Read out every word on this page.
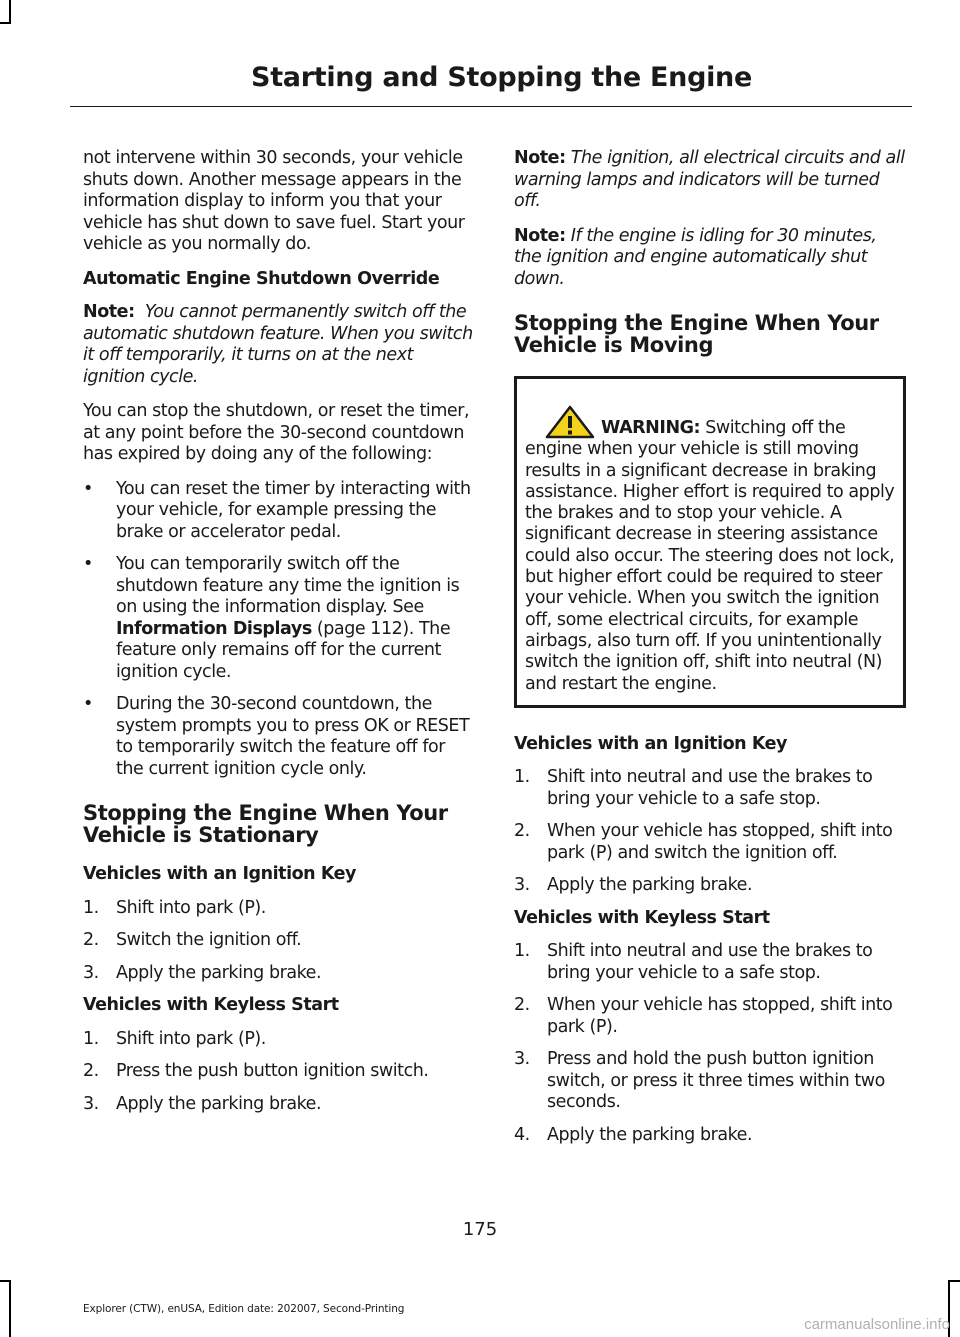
Starting and Stopping the Engine

not intervene within 30 seconds, your vehicle shuts down. Another message appears in the information display to inform you that your vehicle has shut down to save fuel. Start your vehicle as you normally do.

Automatic Engine Shutdown Override

Note: You cannot permanently switch off the automatic shutdown feature. When you switch it off temporarily, it turns on at the next ignition cycle.

You can stop the shutdown, or reset the timer, at any point before the 30-second countdown has expired by doing any of the following:

• You can reset the timer by interacting with your vehicle, for example pressing the brake or accelerator pedal.
• You can temporarily switch off the shutdown feature any time the ignition is on using the information display. See Information Displays (page 112). The feature only remains off for the current ignition cycle.
• During the 30-second countdown, the system prompts you to press OK or RESET to temporarily switch the feature off for the current ignition cycle only.
Stopping the Engine When Your Vehicle is Stationary
Vehicles with an Ignition Key
1. Shift into park (P).
2. Switch the ignition off.
3. Apply the parking brake.
Vehicles with Keyless Start
1. Shift into park (P).
2. Press the push button ignition switch.
3. Apply the parking brake.

Note: The ignition, all electrical circuits and all warning lamps and indicators will be turned off.

Note: If the engine is idling for 30 minutes, the ignition and engine automatically shut down.

Stopping the Engine When Your Vehicle is Moving
WARNING: Switching off the engine when your vehicle is still moving results in a significant decrease in braking assistance. Higher effort is required to apply the brakes and to stop your vehicle. A significant decrease in steering assistance could also occur. The steering does not lock, but higher effort could be required to steer your vehicle. When you switch the ignition off, some electrical circuits, for example airbags, also turn off. If you unintentionally switch the ignition off, shift into neutral (N) and restart the engine.
Vehicles with an Ignition Key
1. Shift into neutral and use the brakes to bring your vehicle to a safe stop.
2. When your vehicle has stopped, shift into park (P) and switch the ignition off.
3. Apply the parking brake.
Vehicles with Keyless Start
1. Shift into neutral and use the brakes to bring your vehicle to a safe stop.
2. When your vehicle has stopped, shift into park (P).
3. Press and hold the push button ignition switch, or press it three times within two seconds.
4. Apply the parking brake.
175
Explorer (CTW), enUSA, Edition date: 202007, Second-Printing
carmanualsonline.info
